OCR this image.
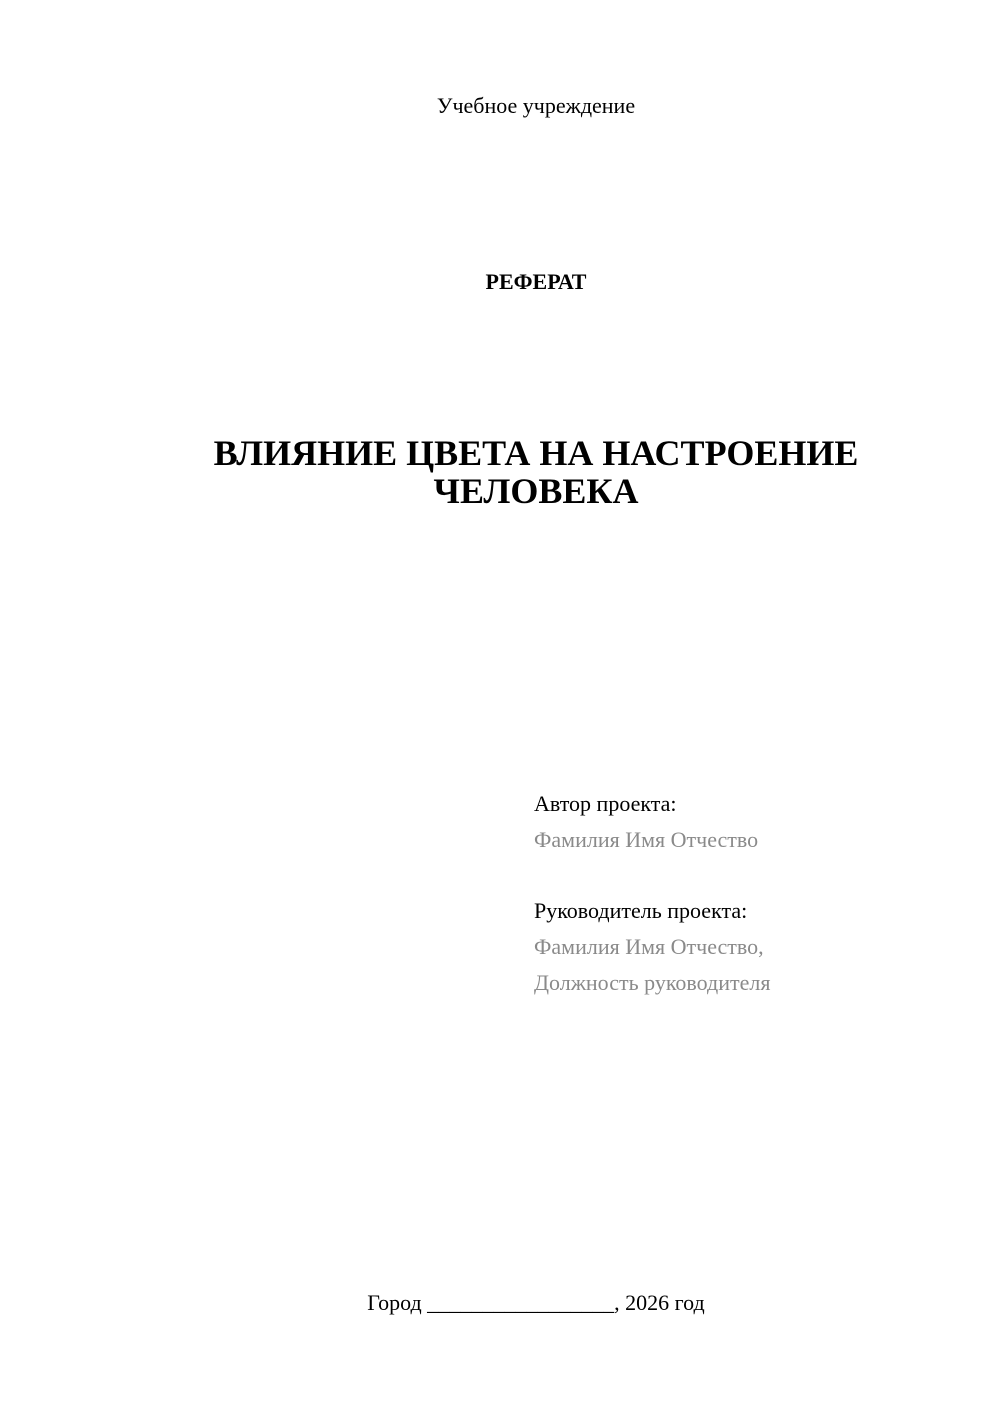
Учебное учреждение
РЕФЕРАТ
ВЛИЯНИЕ ЦВЕТА НА НАСТРОЕНИЕ ЧЕЛОВЕКА
Автор проекта:
Фамилия Имя Отчество
Руководитель проекта:
Фамилия Имя Отчество,
Должность руководителя
Город _________________, 2026 год
